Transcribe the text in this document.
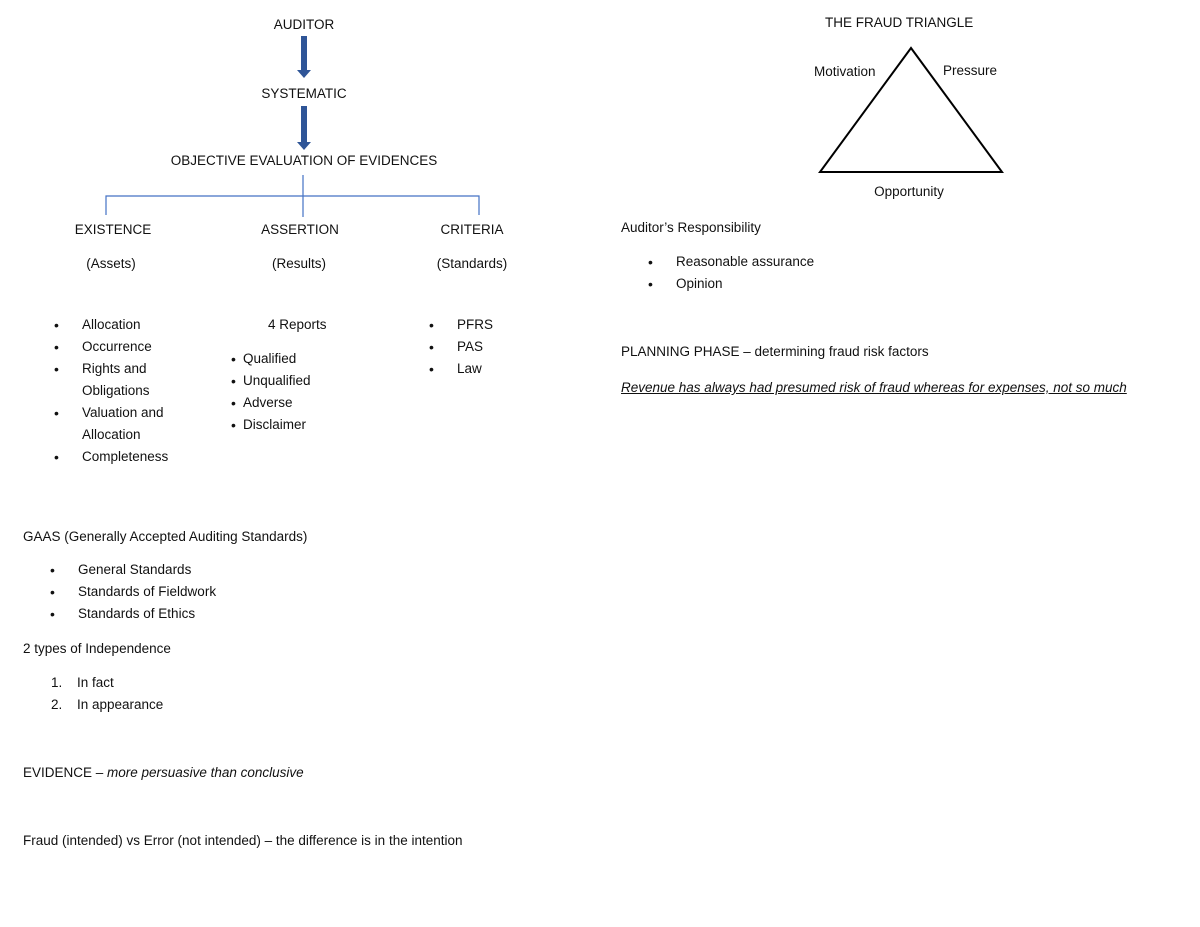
AUDITOR
SYSTEMATIC
OBJECTIVE EVALUATION OF EVIDENCES
EXISTENCE	ASSERTION	CRITERIA
(Assets)	(Results)	(Standards)
• Allocation
• Occurrence
• Rights and Obligations
• Valuation and Allocation
• Completeness
4 Reports
• Qualified
• Unqualified
• Adverse
• Disclaimer
• PFRS
• PAS
• Law
GAAS (Generally Accepted Auditing Standards)
• General Standards
• Standards of Fieldwork
• Standards of Ethics
2 types of Independence
1. In fact
2. In appearance
EVIDENCE – more persuasive than conclusive
Fraud (intended) vs Error (not intended) – the difference is in the intention
THE FRAUD TRIANGLE
Motivation	Pressure
Opportunity
Auditor’s Responsibility
• Reasonable assurance
• Opinion
PLANNING PHASE – determining fraud risk factors
Revenue has always had presumed risk of fraud whereas for expenses, not so much
